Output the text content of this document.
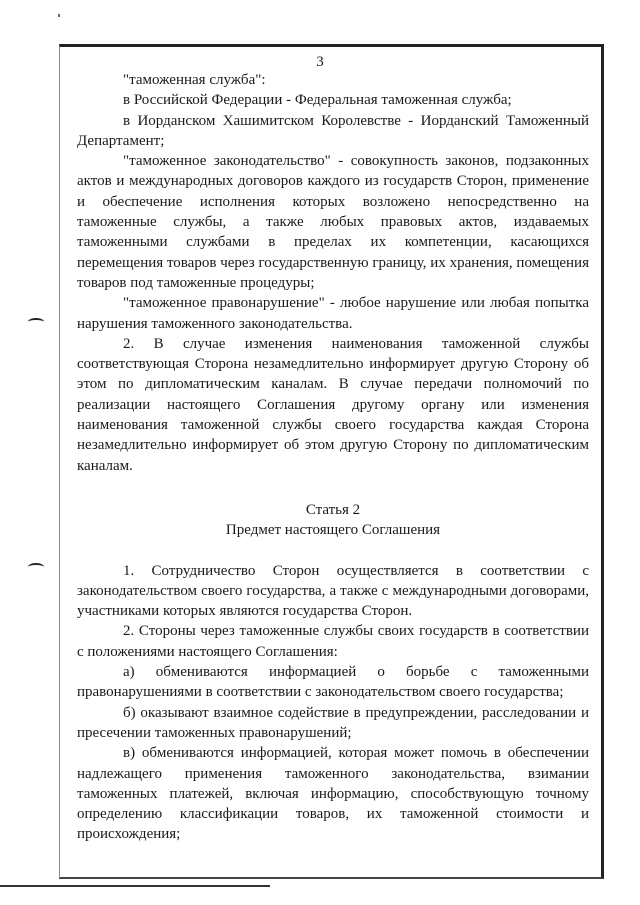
3

"таможенная служба":

в Российской Федерации - Федеральная таможенная служба;

в Иорданском Хашимитском Королевстве - Иорданский Таможенный Департамент;

"таможенное законодательство" - совокупность законов, подзаконных актов и международных договоров каждого из государств Сторон, применение и обеспечение исполнения которых возложено непосредственно на таможенные службы, а также любых правовых актов, издаваемых таможенными службами в пределах их компетенции, касающихся перемещения товаров через государственную границу, их хранения, помещения товаров под таможенные процедуры;

"таможенное правонарушение" - любое нарушение или любая попытка нарушения таможенного законодательства.

2. В случае изменения наименования таможенной службы соответствующая Сторона незамедлительно информирует другую Сторону об этом по дипломатическим каналам. В случае передачи полномочий по реализации настоящего Соглашения другому органу или изменения наименования таможенной службы своего государства каждая Сторона незамедлительно информирует об этом другую Сторону по дипломатическим каналам.

Статья 2

Предмет настоящего Соглашения

1. Сотрудничество Сторон осуществляется в соответствии с законодательством своего государства, а также с международными договорами, участниками которых являются государства Сторон.

2. Стороны через таможенные службы своих государств в соответствии с положениями настоящего Соглашения:

а) обмениваются информацией о борьбе с таможенными правонарушениями в соответствии с законодательством своего государства;

б) оказывают взаимное содействие в предупреждении, расследовании и пресечении таможенных правонарушений;

в) обмениваются информацией, которая может помочь в обеспечении надлежащего применения таможенного законодательства, взимании таможенных платежей, включая информацию, способствующую точному определению классификации товаров, их таможенной стоимости и происхождения;
